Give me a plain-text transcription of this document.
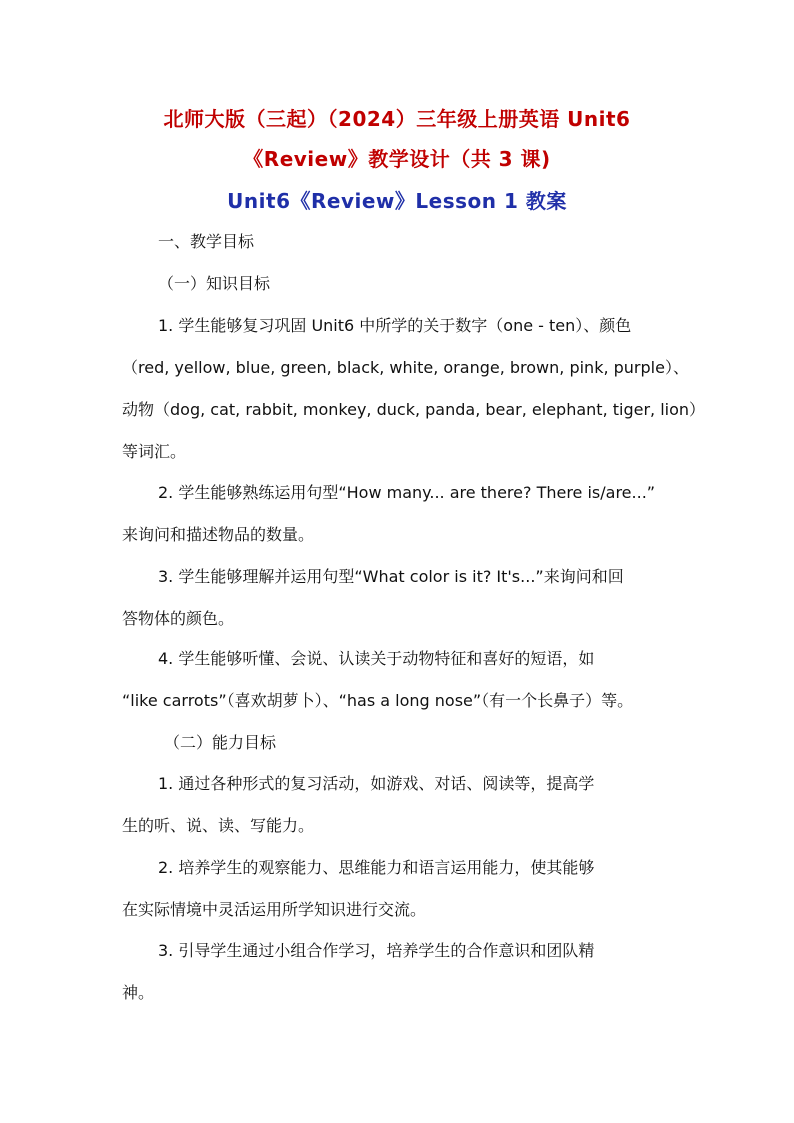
北师大版（三起）（2024）三年级上册英语 Unit6
《Review》教学设计（共 3 课)
Unit6《Review》Lesson 1 教案
一、教学目标
（一）知识目标
1. 学生能够复习巩固 Unit6 中所学的关于数字（one - ten）、颜色
（red, yellow, blue, green, black, white, orange, brown, pink, purple）、
动物（dog, cat, rabbit, monkey, duck, panda, bear, elephant, tiger, lion）
等词汇。
2. 学生能够熟练运用句型“How many... are there? There is/are...”
来询问和描述物品的数量。
3. 学生能够理解并运用句型“What color is it? It's...”来询问和回
答物体的颜色。
4. 学生能够听懂、会说、认读关于动物特征和喜好的短语，如
“like carrots”（喜欢胡萝卜）、“has a long nose”（有一个长鼻子）等。
（二）能力目标
1. 通过各种形式的复习活动，如游戏、对话、阅读等，提高学
生的听、说、读、写能力。
2. 培养学生的观察能力、思维能力和语言运用能力，使其能够
在实际情境中灵活运用所学知识进行交流。
3. 引导学生通过小组合作学习，培养学生的合作意识和团队精
神。
